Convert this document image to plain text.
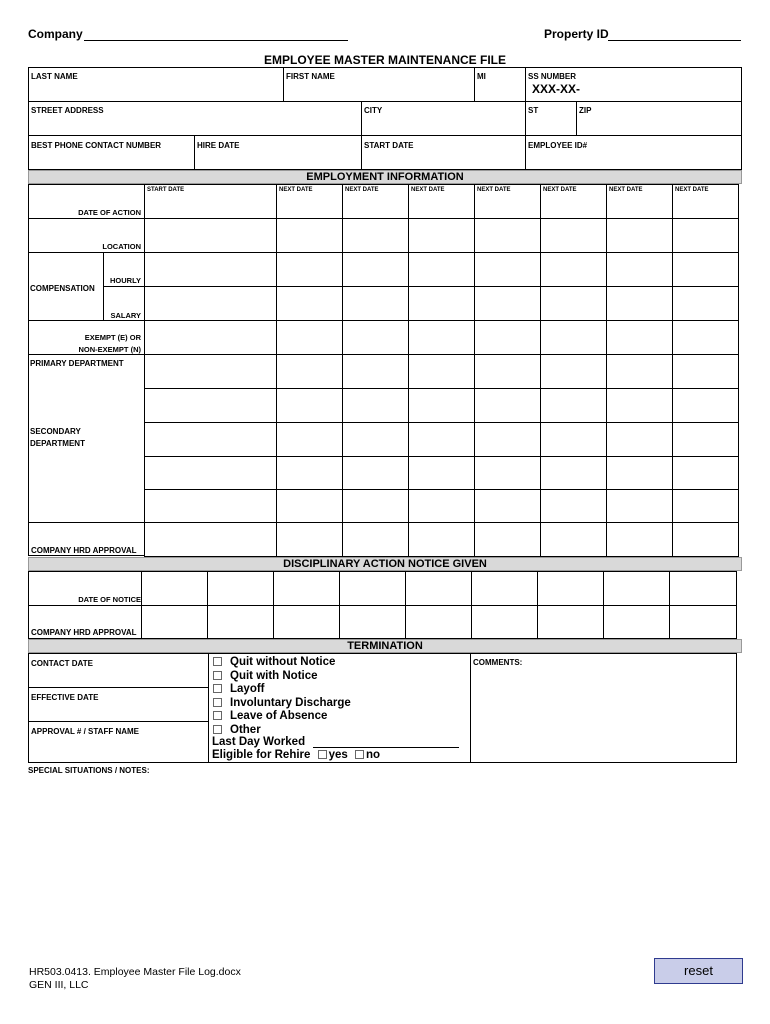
Company	Property ID
EMPLOYEE MASTER MAINTENANCE FILE
LAST NAME	FIRST NAME	MI	SS NUMBER
XXX-XX-
STREET ADDRESS	CITY	ST	ZIP
BEST PHONE CONTACT NUMBER	HIRE DATE	START DATE	EMPLOYEE ID#
EMPLOYMENT INFORMATION
START DATE	NEXT DATE	NEXT DATE	NEXT DATE	NEXT DATE	NEXT DATE	NEXT DATE	NEXT DATE
DATE OF ACTION
LOCATION
COMPENSATION
HOURLY
SALARY
EXEMPT (E) OR
NON-EXEMPT (N)
PRIMARY DEPARTMENT
SECONDARY
DEPARTMENT
COMPANY HRD APPROVAL
DISCIPLINARY ACTION NOTICE GIVEN
DATE OF NOTICE
COMPANY HRD APPROVAL
TERMINATION
CONTACT DATE
EFFECTIVE DATE
APPROVAL # / STAFF NAME
COMMENTS:
Quit without Notice
Quit with Notice
Layoff
Involuntary Discharge
Leave of Absence
Other
Last Day Worked
Eligible for Rehire yes no
SPECIAL SITUATIONS / NOTES:
HR503.0413. Employee Master File Log.docx
GEN III, LLC
reset
